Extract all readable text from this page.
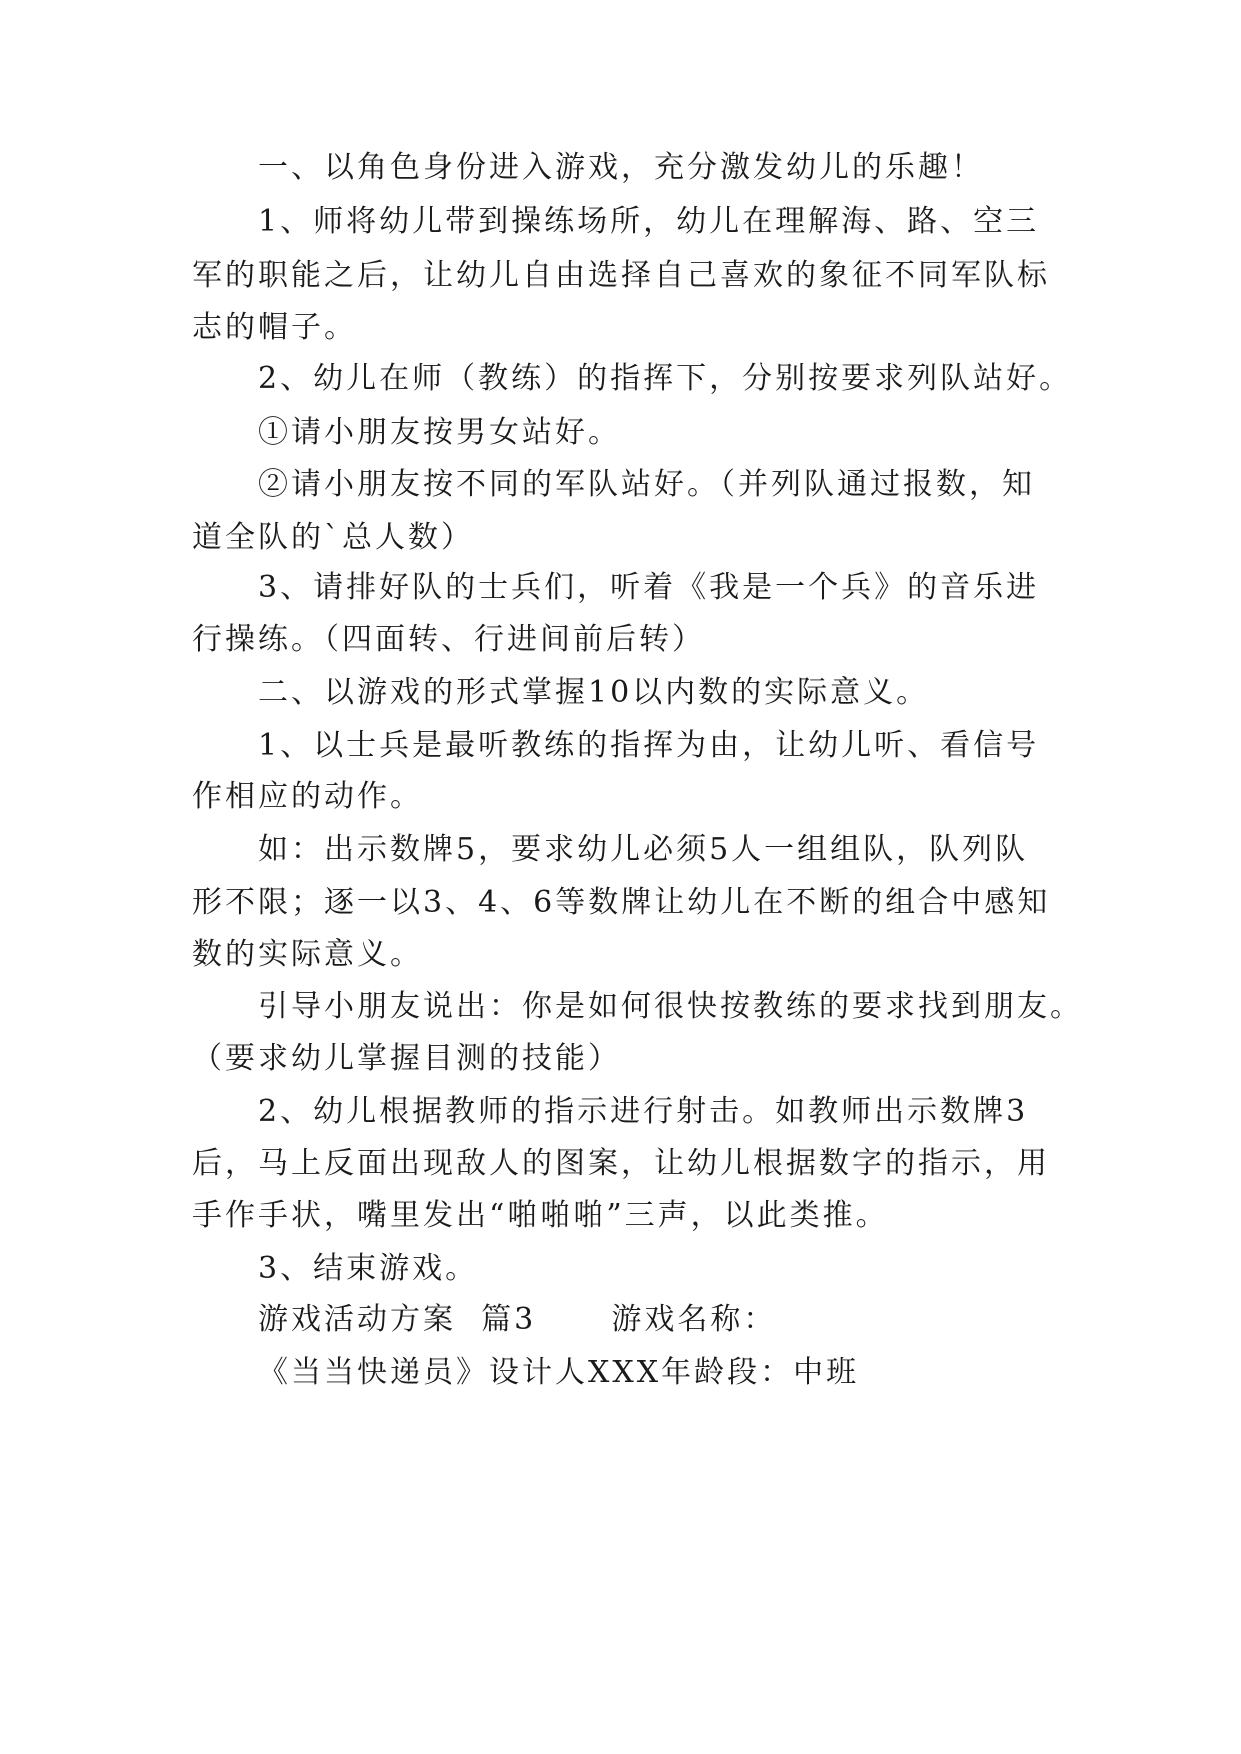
一、以角色身份进入游戏，充分激发幼儿的乐趣！
1、师将幼儿带到操练场所，幼儿在理解海、路、空三
军的职能之后，让幼儿自由选择自己喜欢的象征不同军队标
志的帽子。
2、幼儿在师（教练）的指挥下，分别按要求列队站好。
①请小朋友按男女站好。
②请小朋友按不同的军队站好。（并列队通过报数，知
道全队的`总人数）
3、请排好队的士兵们，听着《我是一个兵》的音乐进
行操练。（四面转、行进间前后转）
二、以游戏的形式掌握10以内数的实际意义。
1、以士兵是最听教练的指挥为由，让幼儿听、看信号
作相应的动作。
如：出示数牌5，要求幼儿必须5人一组组队，队列队
形不限；逐一以3、4、6等数牌让幼儿在不断的组合中感知
数的实际意义。
引导小朋友说出：你是如何很快按教练的要求找到朋友。
（要求幼儿掌握目测的技能）
2、幼儿根据教师的指示进行射击。如教师出示数牌3
后，马上反面出现敌人的图案，让幼儿根据数字的指示，用
手作手状，嘴里发出“啪啪啪”三声，以此类推。
3、结束游戏。
游戏活动方案  篇3      游戏名称：
《当当快递员》设计人XXX年龄段：中班
